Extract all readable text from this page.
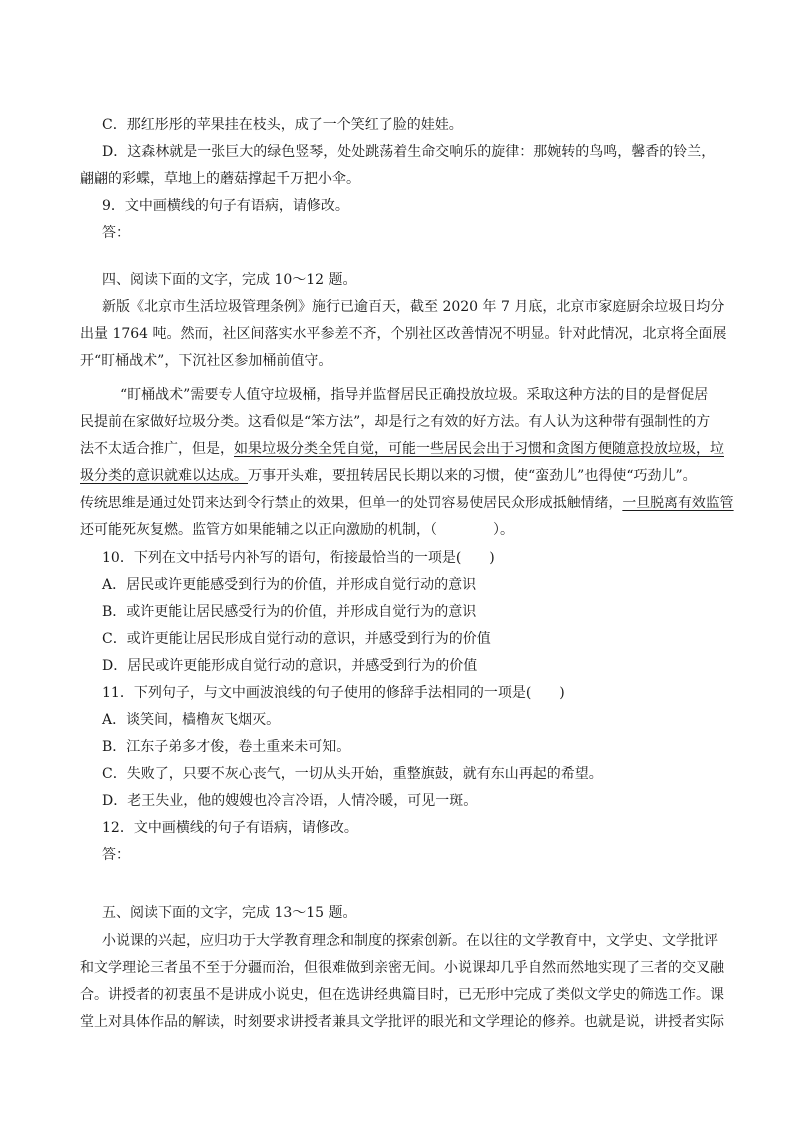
C．那红彤彤的苹果挂在枝头，成了一个笑红了脸的娃娃。
D．这森林就是一张巨大的绿色竖琴，处处跳荡着生命交响乐的旋律：那婉转的鸟鸣，馨香的铃兰，
翩翩的彩蝶，草地上的蘑菇撑起千万把小伞。
9．文中画横线的句子有语病，请修改。
答：
四、阅读下面的文字，完成 10～12 题。
新版《北京市生活垃圾管理条例》施行已逾百天，截至 2020 年 7 月底，北京市家庭厨余垃圾日均分
出量 1764 吨。然而，社区间落实水平参差不齐，个别社区改善情况不明显。针对此情况，北京将全面展
开“盯桶战术”，下沉社区参加桶前值守。
“盯桶战术”需要专人值守垃圾桶，指导并监督居民正确投放垃圾。采取这种方法的目的是督促居
民提前在家做好垃圾分类。这看似是“笨方法”，却是行之有效的好方法。有人认为这种带有强制性的方
法不太适合推广，但是，如果垃圾分类全凭自觉，可能一些居民会出于习惯和贪图方便随意投放垃圾，垃
圾分类的意识就难以达成。万事开头难，要扭转居民长期以来的习惯，使“蛮劲儿”也得使“巧劲儿”。
传统思维是通过处罚来达到令行禁止的效果，但单一的处罚容易使居民众形成抵触情绪，一旦脱离有效监管
还可能死灰复燃。监管方如果能辅之以正向激励的机制，（　　　　）。
10．下列在文中括号内补写的语句，衔接最恰当的一项是(　　)
A．居民或许更能感受到行为的价值，并形成自觉行动的意识
B．或许更能让居民感受行为的价值，并形成自觉行为的意识
C．或许更能让居民形成自觉行动的意识，并感受到行为的价值
D．居民或许更能形成自觉行动的意识，并感受到行为的价值
11．下列句子，与文中画波浪线的句子使用的修辞手法相同的一项是(　　)
A．谈笑间，樯橹灰飞烟灭。
B．江东子弟多才俊，卷土重来未可知。
C．失败了，只要不灰心丧气，一切从头开始，重整旗鼓，就有东山再起的希望。
D．老王失业，他的嫂嫂也冷言冷语，人情冷暖，可见一斑。
12．文中画横线的句子有语病，请修改。
答：
五、阅读下面的文字，完成 13～15 题。
小说课的兴起，应归功于大学教育理念和制度的探索创新。在以往的文学教育中，文学史、文学批评
和文学理论三者虽不至于分疆而治，但很难做到亲密无间。小说课却几乎自然而然地实现了三者的交叉融
合。讲授者的初衷虽不是讲成小说史，但在选讲经典篇目时，已无形中完成了类似文学史的筛选工作。课
堂上对具体作品的解读，时刻要求讲授者兼具文学批评的眼光和文学理论的修养。也就是说，讲授者实际
